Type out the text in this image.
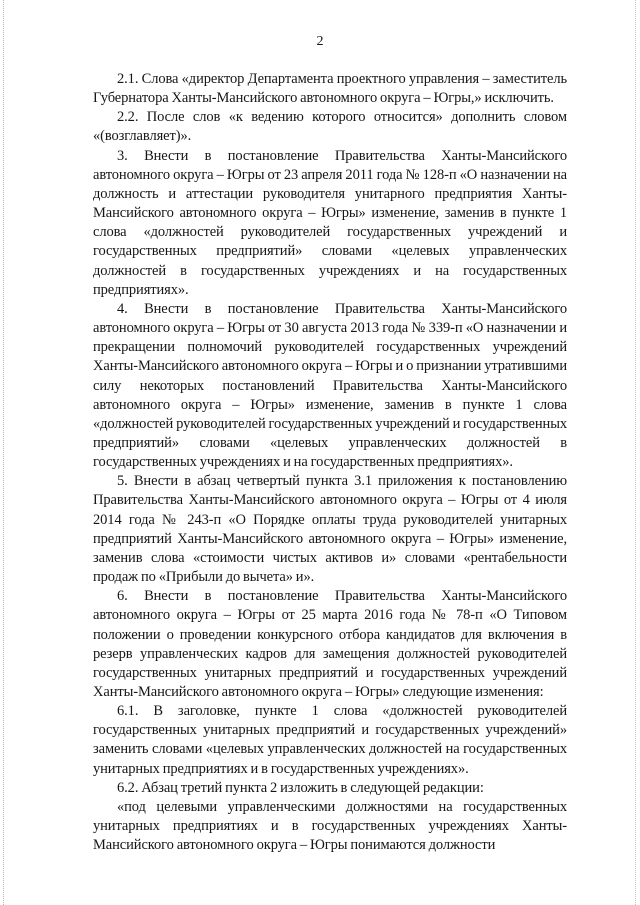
2

2.1. Слова «директор Департамента проектного управления – заместитель Губернатора Ханты-Мансийского автономного округа – Югры,» исключить.

2.2. После слов «к ведению которого относится» дополнить словом «(возглавляет)».

3. Внести в постановление Правительства Ханты-Мансийского автономного округа – Югры от 23 апреля 2011 года № 128-п «О назначении на должность и аттестации руководителя унитарного предприятия Ханты-Мансийского автономного округа – Югры» изменение, заменив в пункте 1 слова «должностей руководителей государственных учреждений и государственных предприятий» словами «целевых управленческих должностей в государственных учреждениях и на государственных предприятиях».

4. Внести в постановление Правительства Ханты-Мансийского автономного округа – Югры от 30 августа 2013 года № 339-п «О назначении и прекращении полномочий руководителей государственных учреждений Ханты-Мансийского автономного округа – Югры и о признании утратившими силу некоторых постановлений Правительства Ханты-Мансийского автономного округа – Югры» изменение, заменив в пункте 1 слова «должностей руководителей государственных учреждений и государственных предприятий» словами «целевых управленческих должностей в государственных учреждениях и на государственных предприятиях».

5. Внести в абзац четвертый пункта 3.1 приложения к постановлению Правительства Ханты-Мансийского автономного округа – Югры от 4 июля 2014 года № 243-п «О Порядке оплаты труда руководителей унитарных предприятий Ханты-Мансийского автономного округа – Югры» изменение, заменив слова «стоимости чистых активов и» словами «рентабельности продаж по «Прибыли до вычета» и».

6. Внести в постановление Правительства Ханты-Мансийского автономного округа – Югры от 25 марта 2016 года № 78-п «О Типовом положении о проведении конкурсного отбора кандидатов для включения в резерв управленческих кадров для замещения должностей руководителей государственных унитарных предприятий и государственных учреждений Ханты-Мансийского автономного округа – Югры» следующие изменения:

6.1. В заголовке, пункте 1 слова «должностей руководителей государственных унитарных предприятий и государственных учреждений» заменить словами «целевых управленческих должностей на государственных унитарных предприятиях и в государственных учреждениях».

6.2. Абзац третий пункта 2 изложить в следующей редакции:

«под целевыми управленческими должностями на государственных унитарных предприятиях и в государственных учреждениях Ханты-Мансийского автономного округа – Югры понимаются должности
